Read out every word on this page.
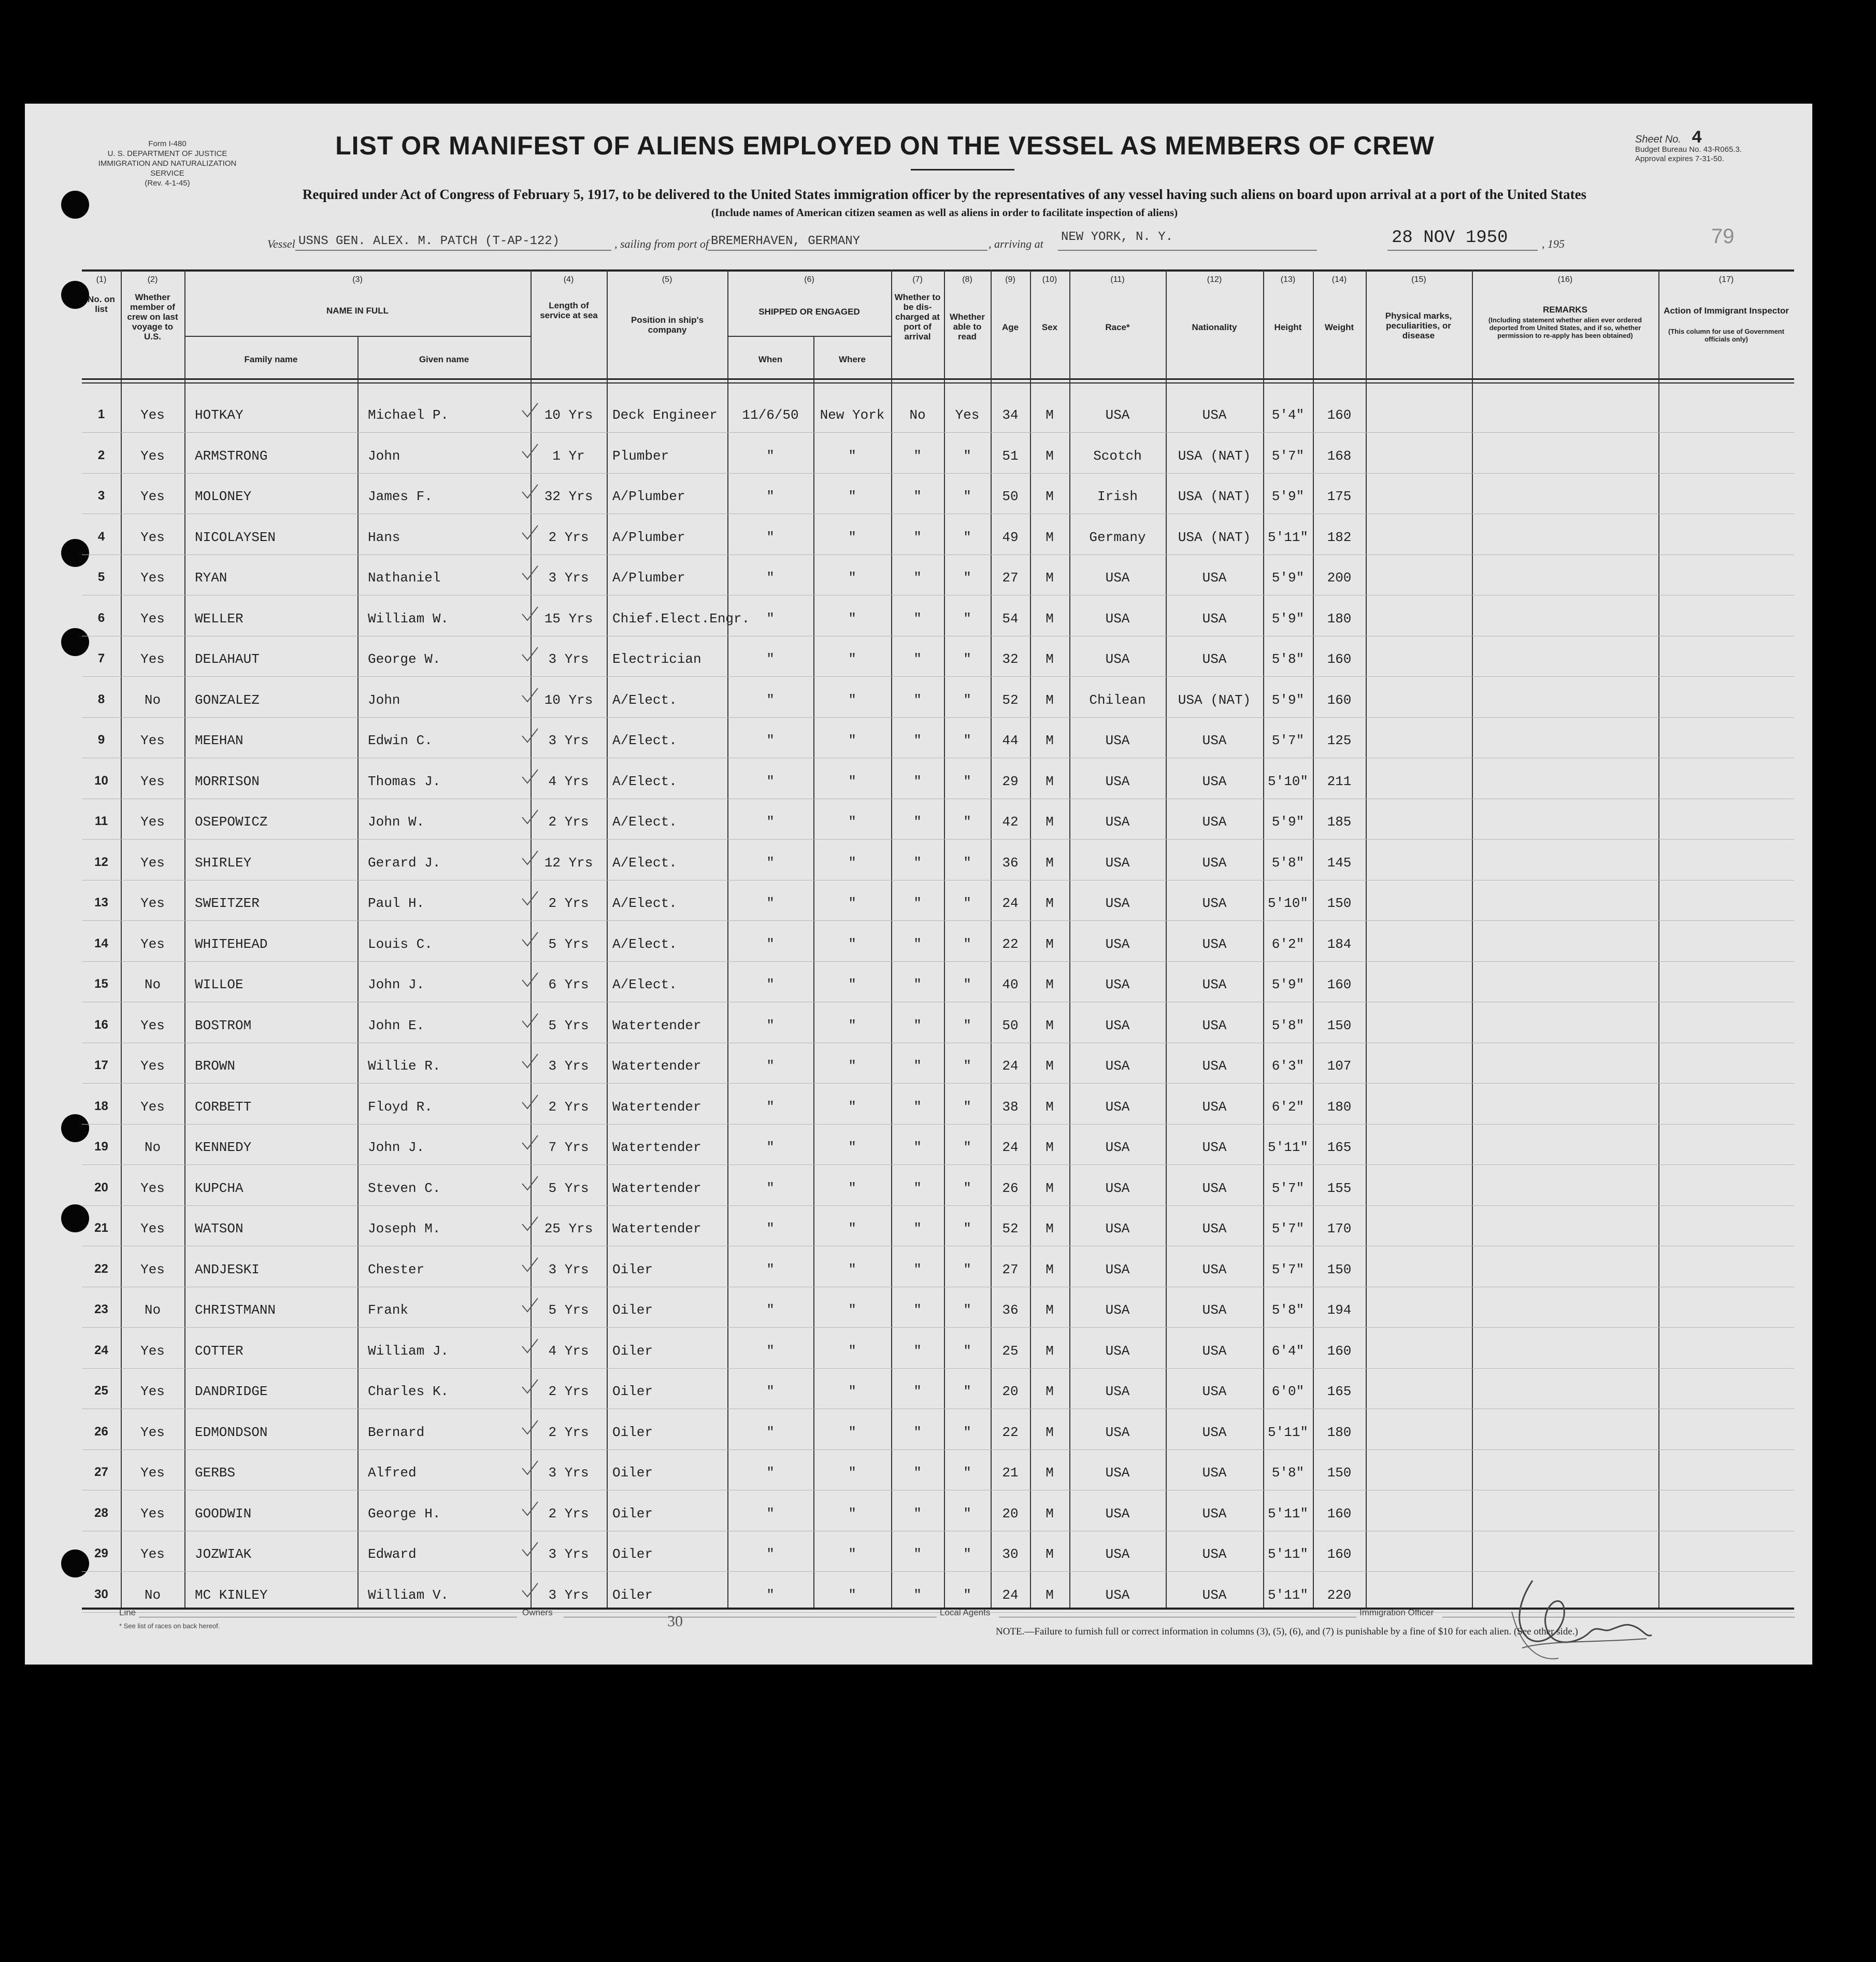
Form I-480
U. S. DEPARTMENT OF JUSTICE
IMMIGRATION AND NATURALIZATION SERVICE
(Rev. 4-1-45)
LIST OR MANIFEST OF ALIENS EMPLOYED ON THE VESSEL AS MEMBERS OF CREW	Sheet No. 4
Budget Bureau No. 43-R065.3.
Approval expires 7-31-50.
Required under Act of Congress of February 5, 1917, to be delivered to the United States immigration officer by the representatives of any vessel having such aliens on board upon arrival at a port of the United States
(Include names of American citizen seamen as well as aliens in order to facilitate inspection of aliens)
Vessel USNS GEN. ALEX. M. PATCH (T-AP-122)	, sailing from port of BREMERHAVEN, GERMANY	, arriving at NEW YORK, N. Y.	28 NOV 1950	, 195	79
(1)	(2)	(3)	(4)	(5)	(6)	(7)	(8)	(9)	(10)	(11)	(12)	(13)	(14)	(15)	(16)	(17)
No. on list
Whether member of crew on last voyage to U.S.
NAME IN FULL
Family name	Given name
Length of service at sea	Position in ship's company
SHIPPED OR ENGAGED
When	Where
Whether to be dis-charged at port of arrival
Whether able to read
Age	Sex	Race*	Nationality	Height	Weight
Physical marks, peculiarities, or disease
REMARKS
(Including statement whether alien ever ordered deported from United States, and if so, whether permission to re-apply has been obtained)
Action of Immigrant Inspector
(This column for use of Government officials only)
1	Yes	HOTKAY	Michael P.	10 Yrs	Deck Engineer	11/6/50	New York	No	Yes	34	M	USA	USA	5'4"	160
2	Yes	ARMSTRONG	John	1 Yr	Plumber	"	"	"	"	51	M	Scotch	USA (NAT)	5'7"	168
3	Yes	MOLONEY	James F.	32 Yrs	A/Plumber	"	"	"	"	50	M	Irish	USA (NAT)	5'9"	175
4	Yes	NICOLAYSEN	Hans	2 Yrs	A/Plumber	"	"	"	"	49	M	Germany	USA (NAT)	5'11"	182
5	Yes	RYAN	Nathaniel	3 Yrs	A/Plumber	"	"	"	"	27	M	USA	USA	5'9"	200
6	Yes	WELLER	William W.	15 Yrs	Chief.Elect.Engr.	"	"	"	"	54	M	USA	USA	5'9"	180
7	Yes	DELAHAUT	George W.	3 Yrs	Electrician	"	"	"	"	32	M	USA	USA	5'8"	160
8	No	GONZALEZ	John	10 Yrs	A/Elect.	"	"	"	"	52	M	Chilean	USA (NAT)	5'9"	160
9	Yes	MEEHAN	Edwin C.	3 Yrs	A/Elect.	"	"	"	"	44	M	USA	USA	5'7"	125
10	Yes	MORRISON	Thomas J.	4 Yrs	A/Elect.	"	"	"	"	29	M	USA	USA	5'10"	211
11	Yes	OSEPOWICZ	John W.	2 Yrs	A/Elect.	"	"	"	"	42	M	USA	USA	5'9"	185
12	Yes	SHIRLEY	Gerard J.	12 Yrs	A/Elect.	"	"	"	"	36	M	USA	USA	5'8"	145
13	Yes	SWEITZER	Paul H.	2 Yrs	A/Elect.	"	"	"	"	24	M	USA	USA	5'10"	150
14	Yes	WHITEHEAD	Louis C.	5 Yrs	A/Elect.	"	"	"	"	22	M	USA	USA	6'2"	184
15	No	WILLOE	John J.	6 Yrs	A/Elect.	"	"	"	"	40	M	USA	USA	5'9"	160
16	Yes	BOSTROM	John E.	5 Yrs	Watertender	"	"	"	"	50	M	USA	USA	5'8"	150
17	Yes	BROWN	Willie R.	3 Yrs	Watertender	"	"	"	"	24	M	USA	USA	6'3"	107
18	Yes	CORBETT	Floyd R.	2 Yrs	Watertender	"	"	"	"	38	M	USA	USA	6'2"	180
19	No	KENNEDY	John J.	7 Yrs	Watertender	"	"	"	"	24	M	USA	USA	5'11"	165
20	Yes	KUPCHA	Steven C.	5 Yrs	Watertender	"	"	"	"	26	M	USA	USA	5'7"	155
21	Yes	WATSON	Joseph M.	25 Yrs	Watertender	"	"	"	"	52	M	USA	USA	5'7"	170
22	Yes	ANDJESKI	Chester	3 Yrs	Oiler	"	"	"	"	27	M	USA	USA	5'7"	150
23	No	CHRISTMANN	Frank	5 Yrs	Oiler	"	"	"	"	36	M	USA	USA	5'8"	194
24	Yes	COTTER	William J.	4 Yrs	Oiler	"	"	"	"	25	M	USA	USA	6'4"	160
25	Yes	DANDRIDGE	Charles K.	2 Yrs	Oiler	"	"	"	"	20	M	USA	USA	6'0"	165
26	Yes	EDMONDSON	Bernard	2 Yrs	Oiler	"	"	"	"	22	M	USA	USA	5'11"	180
27	Yes	GERBS	Alfred	3 Yrs	Oiler	"	"	"	"	21	M	USA	USA	5'8"	150
28	Yes	GOODWIN	George H.	2 Yrs	Oiler	"	"	"	"	20	M	USA	USA	5'11"	160
29	Yes	JOZWIAK	Edward	3 Yrs	Oiler	"	"	"	"	30	M	USA	USA	5'11"	160
30	No	MC KINLEY	William V.	3 Yrs	Oiler	"	"	"	"	24	M	USA	USA	5'11"	220
Line	Owners
30
Local Agents	Immigration Officer
* See list of races on back hereof.
NOTE.—Failure to furnish full or correct information in columns (3), (5), (6), and (7) is punishable by a fine of $10 for each alien. (See other side.)
